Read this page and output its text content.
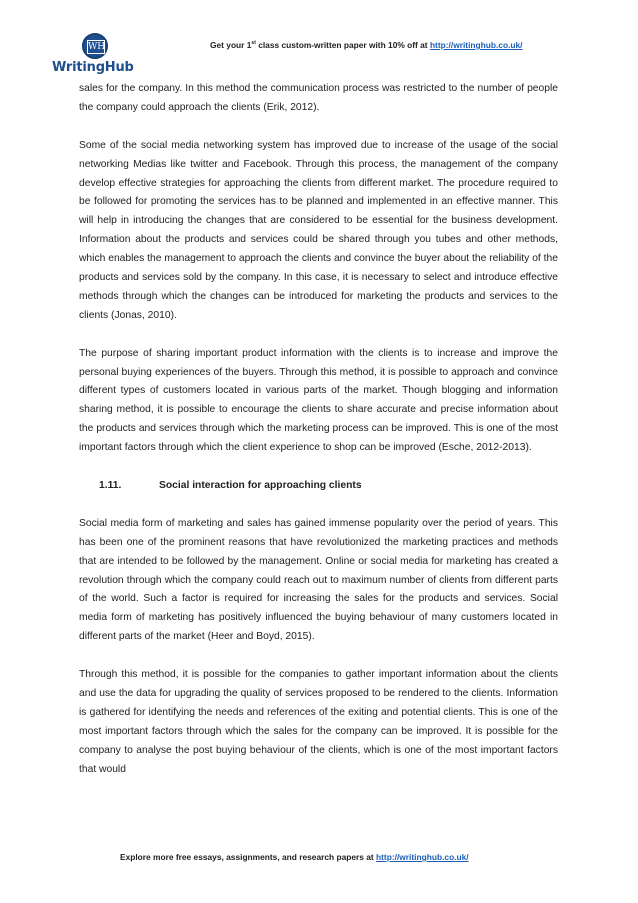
WH
WritingHub
Get your 1st class custom-written paper with 10% off at http://writinghub.co.uk/

sales for the company. In this method the communication process was restricted to the number of people the company could approach the clients (Erik, 2012).

Some of the social media networking system has improved due to increase of the usage of the social networking Medias like twitter and Facebook. Through this process, the management of the company develop effective strategies for approaching the clients from different market. The procedure required to be followed for promoting the services has to be planned and implemented in an effective manner. This will help in introducing the changes that are considered to be essential for the business development. Information about the products and services could be shared through you tubes and other methods, which enables the management to approach the clients and convince the buyer about the reliability of the products and services sold by the company. In this case, it is necessary to select and introduce effective methods through which the changes can be introduced for marketing the products and services to the clients (Jonas, 2010).

The purpose of sharing important product information with the clients is to increase and improve the personal buying experiences of the buyers. Through this method, it is possible to approach and convince different types of customers located in various parts of the market. Though blogging and information sharing method, it is possible to encourage the clients to share accurate and precise information about the products and services through which the marketing process can be improved. This is one of the most important factors through which the client experience to shop can be improved (Esche, 2012-2013).

1.11.	Social interaction for approaching clients

Social media form of marketing and sales has gained immense popularity over the period of years. This has been one of the prominent reasons that have revolutionized the marketing practices and methods that are intended to be followed by the management. Online or social media for marketing has created a revolution through which the company could reach out to maximum number of clients from different parts of the world. Such a factor is required for increasing the sales for the products and services. Social media form of marketing has positively influenced the buying behaviour of many customers located in different parts of the market (Heer and Boyd, 2015).

Through this method, it is possible for the companies to gather important information about the clients and use the data for upgrading the quality of services proposed to be rendered to the clients. Information is gathered for identifying the needs and references of the exiting and potential clients. This is one of the most important factors through which the sales for the company can be improved. It is possible for the company to analyse the post buying behaviour of the clients, which is one of the most important factors that would

Explore more free essays, assignments, and research papers at http://writinghub.co.uk/
